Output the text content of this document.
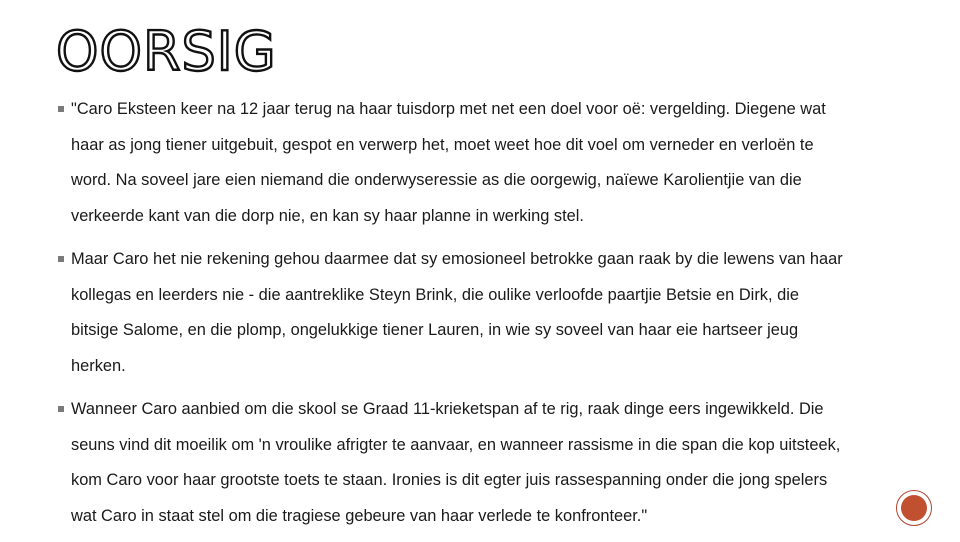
OORSIG
"Caro Eksteen keer na 12 jaar terug na haar tuisdorp met net een doel voor oë: vergelding. Diegene wat
haar as jong tiener uitgebuit, gespot en verwerp het, moet weet hoe dit voel om verneder en verloën te
word. Na soveel jare eien niemand die onderwyseressie as die oorgewig, naïewe Karolientjie van die
verkeerde kant van die dorp nie, en kan sy haar planne in werking stel.
Maar Caro het nie rekening gehou daarmee dat sy emosioneel betrokke gaan raak by die lewens van haar
kollegas en leerders nie - die aantreklike Steyn Brink, die oulike verloofde paartjie Betsie en Dirk, die
bitsige Salome, en die plomp, ongelukkige tiener Lauren, in wie sy soveel van haar eie hartseer jeug
herken.
Wanneer Caro aanbied om die skool se Graad 11-krieketspan af te rig, raak dinge eers ingewikkeld. Die
seuns vind dit moeilik om 'n vroulike afrigter te aanvaar, en wanneer rassisme in die span die kop uitsteek,
kom Caro voor haar grootste toets te staan. Ironies is dit egter juis rassespanning onder die jong spelers
wat Caro in staat stel om die tragiese gebeure van haar verlede te konfronteer."
